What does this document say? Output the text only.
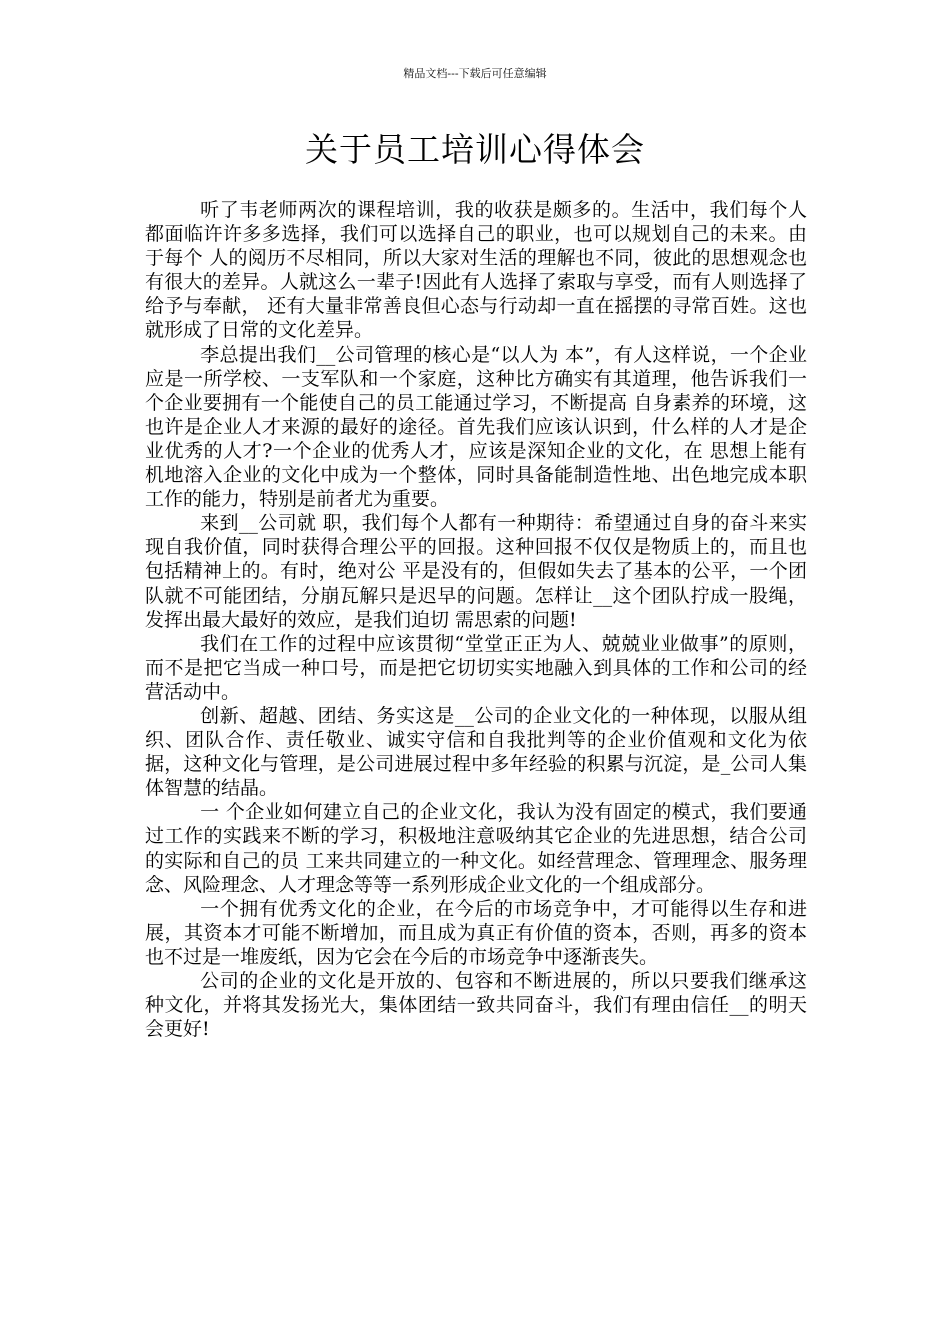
精品文档---下载后可任意编辑
关于员工培训心得体会

听了韦老师两次的课程培训，我的收获是颇多的。生活中，我们每个人都面临许许多多选择，我们可以选择自己的职业，也可以规划自己的未来。由于每个 人的阅历不尽相同，所以大家对生活的理解也不同，彼此的思想观念也有很大的差异。人就这么一辈子!因此有人选择了索取与享受，而有人则选择了给予与奉献， 还有大量非常善良但心态与行动却一直在摇摆的寻常百姓。这也就形成了日常的文化差异。

李总提出我们__公司管理的核心是“以人为 本”，有人这样说，一个企业应是一所学校、一支军队和一个家庭，这种比方确实有其道理，他告诉我们一个企业要拥有一个能使自己的员工能通过学习，不断提高 自身素养的环境，这也许是企业人才来源的最好的途径。首先我们应该认识到，什么样的人才是企业优秀的人才?一个企业的优秀人才，应该是深知企业的文化，在 思想上能有机地溶入企业的文化中成为一个整体，同时具备能制造性地、出色地完成本职工作的能力，特别是前者尤为重要。

来到__公司就 职，我们每个人都有一种期待：希望通过自身的奋斗来实现自我价值，同时获得合理公平的回报。这种回报不仅仅是物质上的，而且也包括精神上的。有时，绝对公 平是没有的，但假如失去了基本的公平，一个团队就不可能团结，分崩瓦解只是迟早的问题。怎样让__这个团队拧成一股绳，发挥出最大最好的效应，是我们迫切 需思索的问题!

我们在工作的过程中应该贯彻“堂堂正正为人、兢兢业业做事”的原则，而不是把它当成一种口号，而是把它切切实实地融入到具体的工作和公司的经营活动中。

创新、超越、团结、务实这是__公司的企业文化的一种体现，以服从组织、团队合作、责任敬业、诚实守信和自我批判等的企业价值观和文化为依据，这种文化与管理，是公司进展过程中多年经验的积累与沉淀，是_公司人集体智慧的结晶。

一 个企业如何建立自己的企业文化，我认为没有固定的模式，我们要通过工作的实践来不断的学习，积极地注意吸纳其它企业的先进思想，结合公司的实际和自己的员 工来共同建立的一种文化。如经营理念、管理理念、服务理念、风险理念、人才理念等等一系列形成企业文化的一个组成部分。

一个拥有优秀文化的企业，在今后的市场竞争中，才可能得以生存和进展，其资本才可能不断增加，而且成为真正有价值的资本，否则，再多的资本也不过是一堆废纸，因为它会在今后的市场竞争中逐渐丧失。

公司的企业的文化是开放的、包容和不断进展的，所以只要我们继承这种文化，并将其发扬光大，集体团结一致共同奋斗，我们有理由信任__的明天会更好!
